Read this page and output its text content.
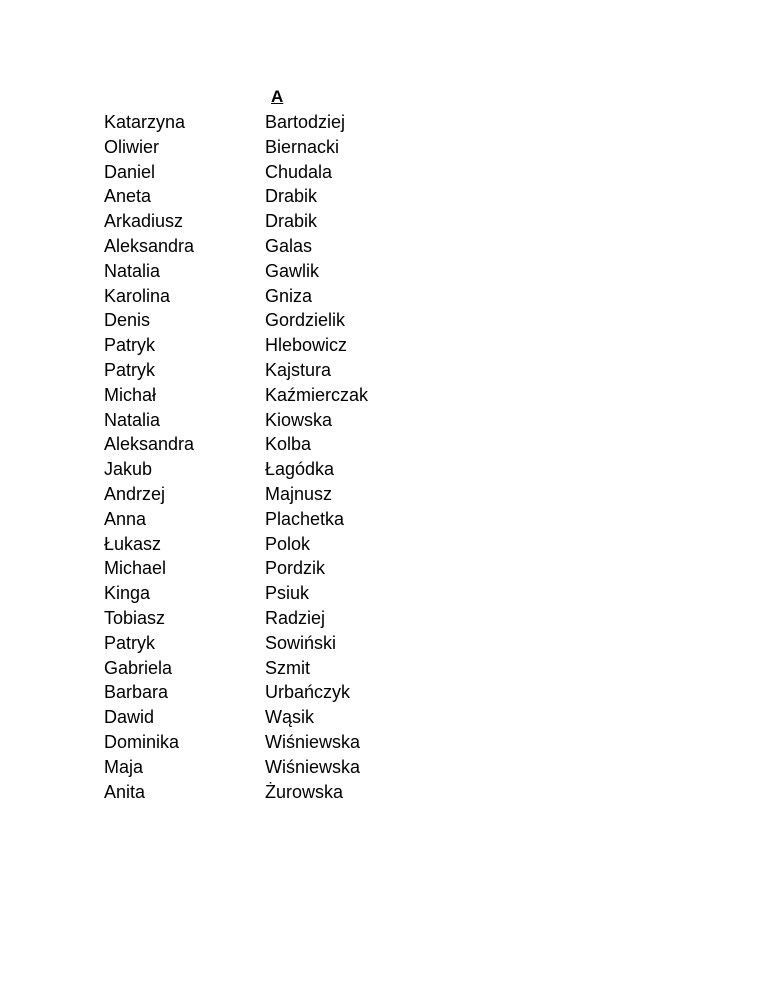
A
Katarzyna	Bartodziej
Oliwier	Biernacki
Daniel	Chudala
Aneta	Drabik
Arkadiusz	Drabik
Aleksandra	Galas
Natalia	Gawlik
Karolina	Gniza
Denis	Gordzielik
Patryk	Hlebowicz
Patryk	Kajstura
Michał	Kaźmierczak
Natalia	Kiowska
Aleksandra	Kolba
Jakub	Łagódka
Andrzej	Majnusz
Anna	Plachetka
Łukasz	Polok
Michael	Pordzik
Kinga	Psiuk
Tobiasz	Radziej
Patryk	Sowiński
Gabriela	Szmit
Barbara	Urbańczyk
Dawid	Wąsik
Dominika	Wiśniewska
Maja	Wiśniewska
Anita	Żurowska
